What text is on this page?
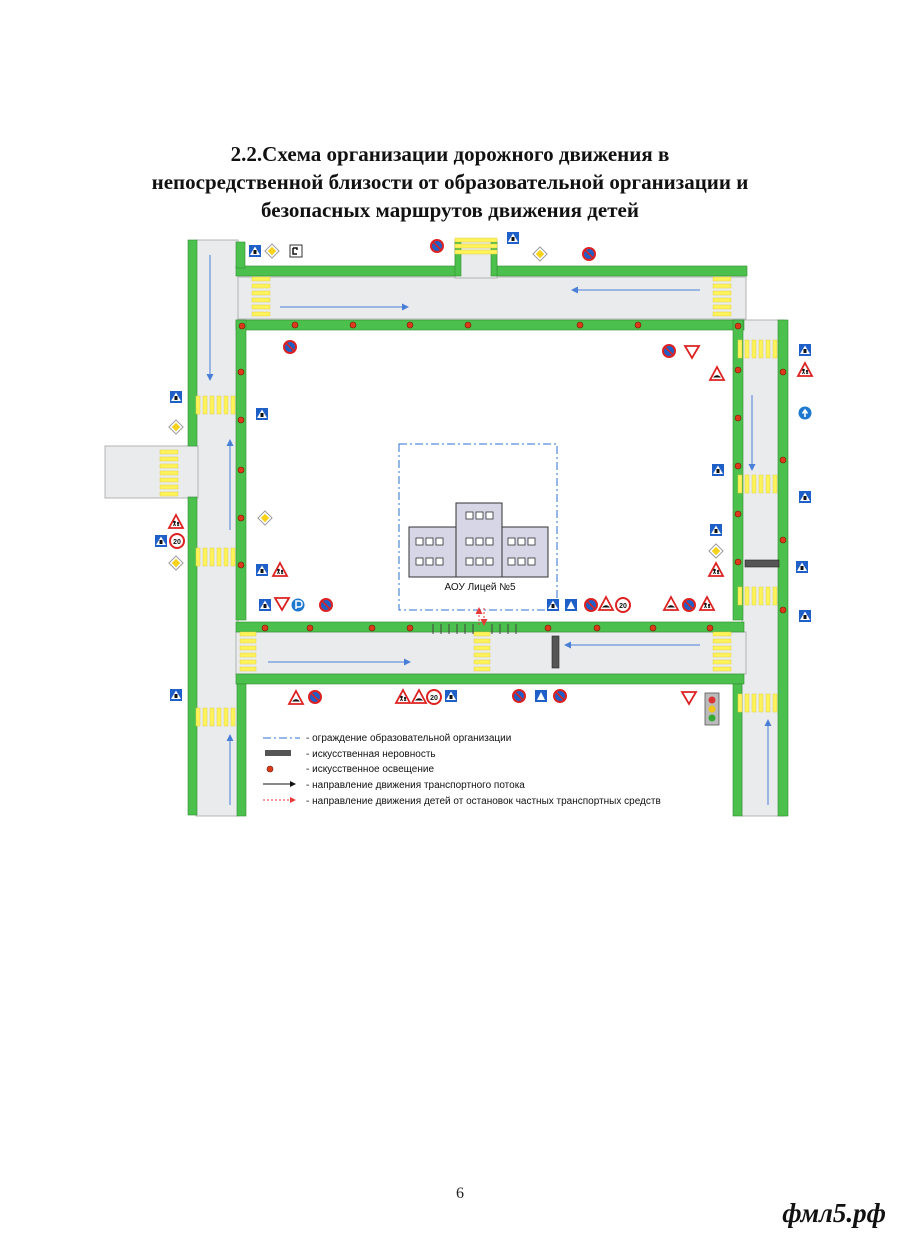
2.2.Схема организации дорожного движения в
непосредственной близости от образовательной организации и
безопасных маршрутов движения детей
АОУ Лицей №5
20
20
20
- ограждение образовательной организации
- искусственная неровность
- искусственное освещение
- направление движения транспортного потока
- направление движения детей от остановок частных транспортных средств
6
фмл5.рф
